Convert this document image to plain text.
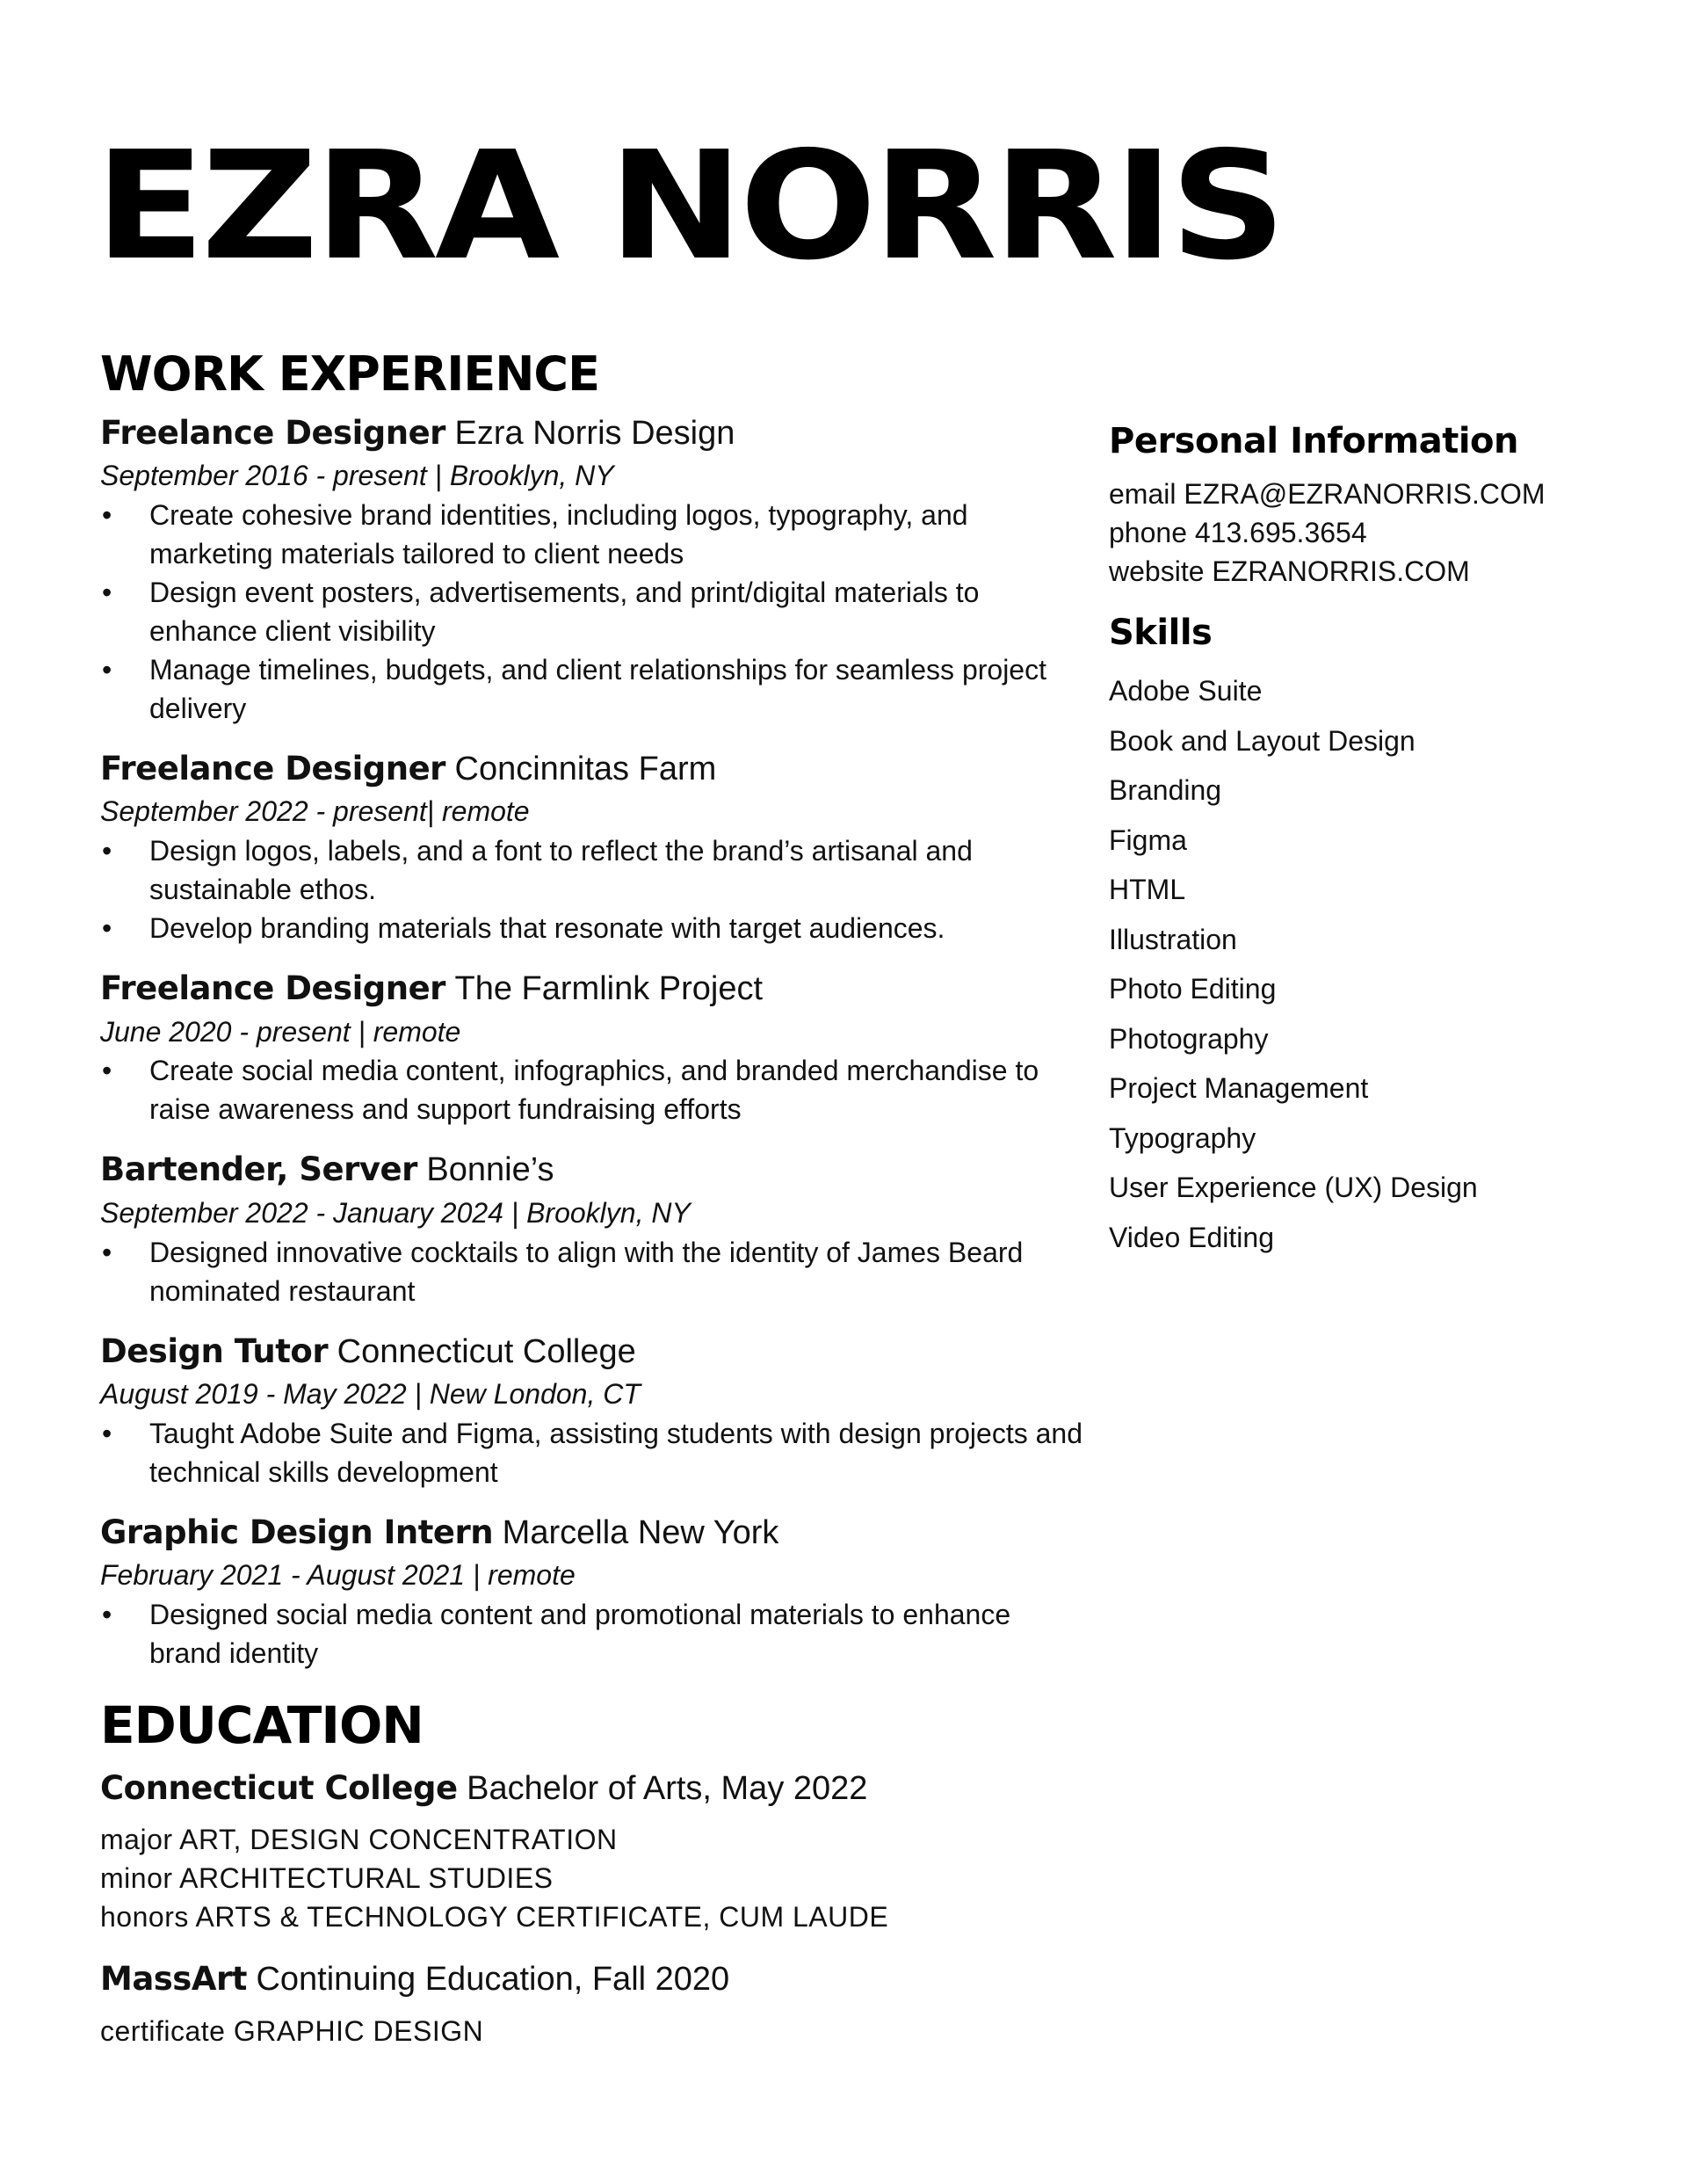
EZRA NORRIS
WORK EXPERIENCE

Freelance Designer Ezra Norris Design

September 2016 - present | Brooklyn, NY

• Create cohesive brand identities, including logos, typography, and marketing materials tailored to client needs
• Design event posters, advertisements, and print/digital materials to enhance client visibility
• Manage timelines, budgets, and client relationships for seamless project delivery

Freelance Designer Concinnitas Farm

September 2022 - present| remote

• Design logos, labels, and a font to reflect the brand’s artisanal and sustainable ethos.
• Develop branding materials that resonate with target audiences.

Freelance Designer The Farmlink Project

June 2020 - present | remote

• Create social media content, infographics, and branded merchandise to raise awareness and support fundraising efforts

Bartender, Server Bonnie’s

September 2022 - January 2024 | Brooklyn, NY

• Designed innovative cocktails to align with the identity of James Beard nominated restaurant

Design Tutor Connecticut College

August 2019 - May 2022 | New London, CT

• Taught Adobe Suite and Figma, assisting students with design projects and technical skills development

Graphic Design Intern Marcella New York

February 2021 - August 2021 | remote

• Designed social media content and promotional materials to enhance brand identity
EDUCATION

Connecticut College Bachelor of Arts, May 2022

major ART, DESIGN CONCENTRATION

minor ARCHITECTURAL STUDIES

honors ARTS & TECHNOLOGY CERTIFICATE, CUM LAUDE

MassArt Continuing Education, Fall 2020

certificate GRAPHIC DESIGN

Personal Information

email EZRA@EZRANORRIS.COM

phone 413.695.3654

website EZRANORRIS.COM

Skills
Adobe Suite
Book and Layout Design
Branding
Figma
HTML
Illustration
Photo Editing
Photography
Project Management
Typography
User Experience (UX) Design
Video Editing
